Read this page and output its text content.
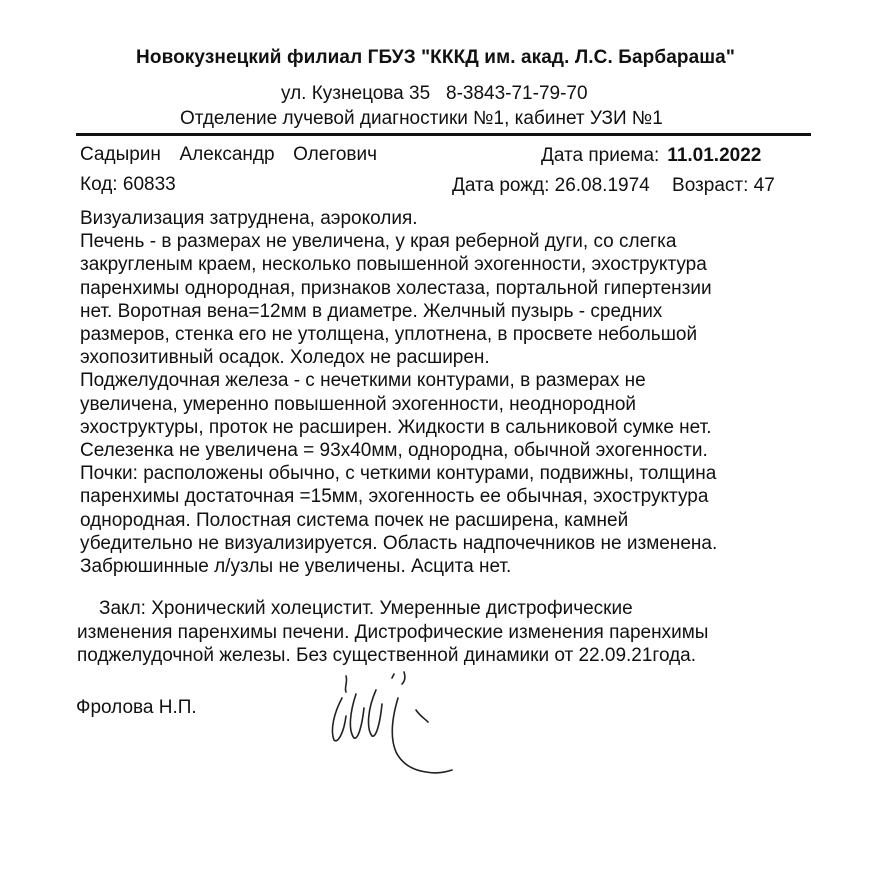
Новокузнецкий филиал ГБУЗ "КККД им. акад. Л.С. Барбараша"
ул. Кузнецова 35   8-3843-71-79-70
Отделение лучевой диагностики №1, кабинет УЗИ №1
Садырин  Александр  Олегович
Код: 60833
Дата приема: 11.01.2022
Дата рожд: 26.08.1974 Возраст: 47
Визуализация затруднена, аэроколия.
Печень - в размерах не увеличена, у края реберной дуги, со слегка
закругленым краем, несколько повышенной эхогенности, эхоструктура
паренхимы однородная, признаков холестаза, портальной гипертензии
нет. Воротная вена=12мм в диаметре. Желчный пузырь - средних
размеров, стенка его не утолщена, уплотнена, в просвете небольшой
эхопозитивный осадок. Холедох не расширен.
Поджелудочная железа - с нечеткими контурами, в размерах не
увеличена, умеренно повышенной эхогенности, неоднородной
эхоструктуры, проток не расширен. Жидкости в сальниковой сумке нет.
Селезенка не увеличена = 93х40мм, однородна, обычной эхогенности.
Почки: расположены обычно, с четкими контурами, подвижны, толщина
паренхимы достаточная =15мм, эхогенность ее обычная, эхоструктура
однородная. Полостная система почек не расширена, камней
убедительно не визуализируется. Область надпочечников не изменена.
Забрюшинные л/узлы не увеличены. Асцита нет.
Закл: Хронический холецистит. Умеренные дистрофические
изменения паренхимы печени. Дистрофические изменения паренхимы
поджелудочной железы. Без существенной динамики от 22.09.21года.
Фролова Н.П.
